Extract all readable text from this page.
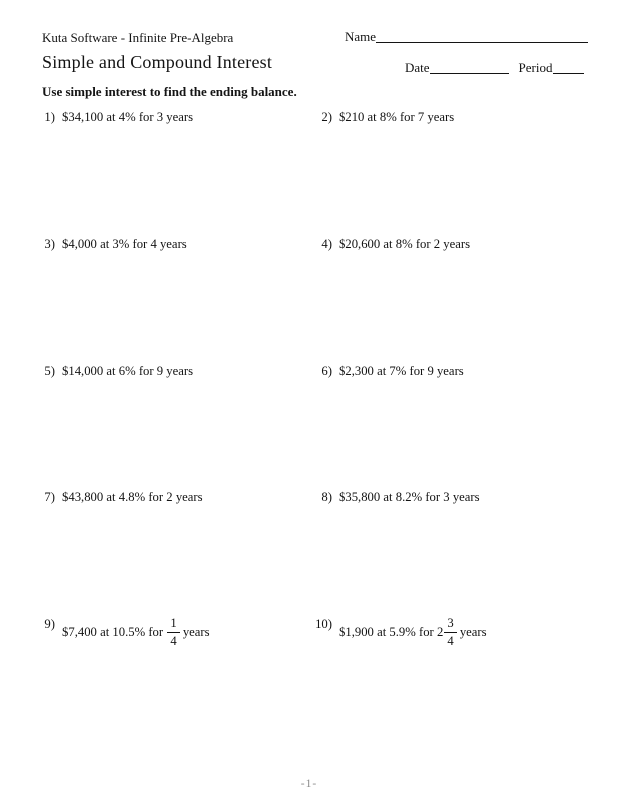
Kuta Software - Infinite Pre-Algebra	Name
Simple and Compound Interest	Date	Period
Use simple interest to find the ending balance.
1) $34,100 at 4% for 3 years	2) $210 at 8% for 7 years
3) $4,000 at 3% for 4 years	4) $20,600 at 8% for 2 years
5) $14,000 at 6% for 9 years	6) $2,300 at 7% for 9 years
7) $43,800 at 4.8% for 2 years	8) $35,800 at 8.2% for 3 years
9)
$7,400 at 10.5% for $\frac{1}{4}$ years
10)
$1,900 at 5.9% for $2 \frac{3}{4}$ years
-1-
